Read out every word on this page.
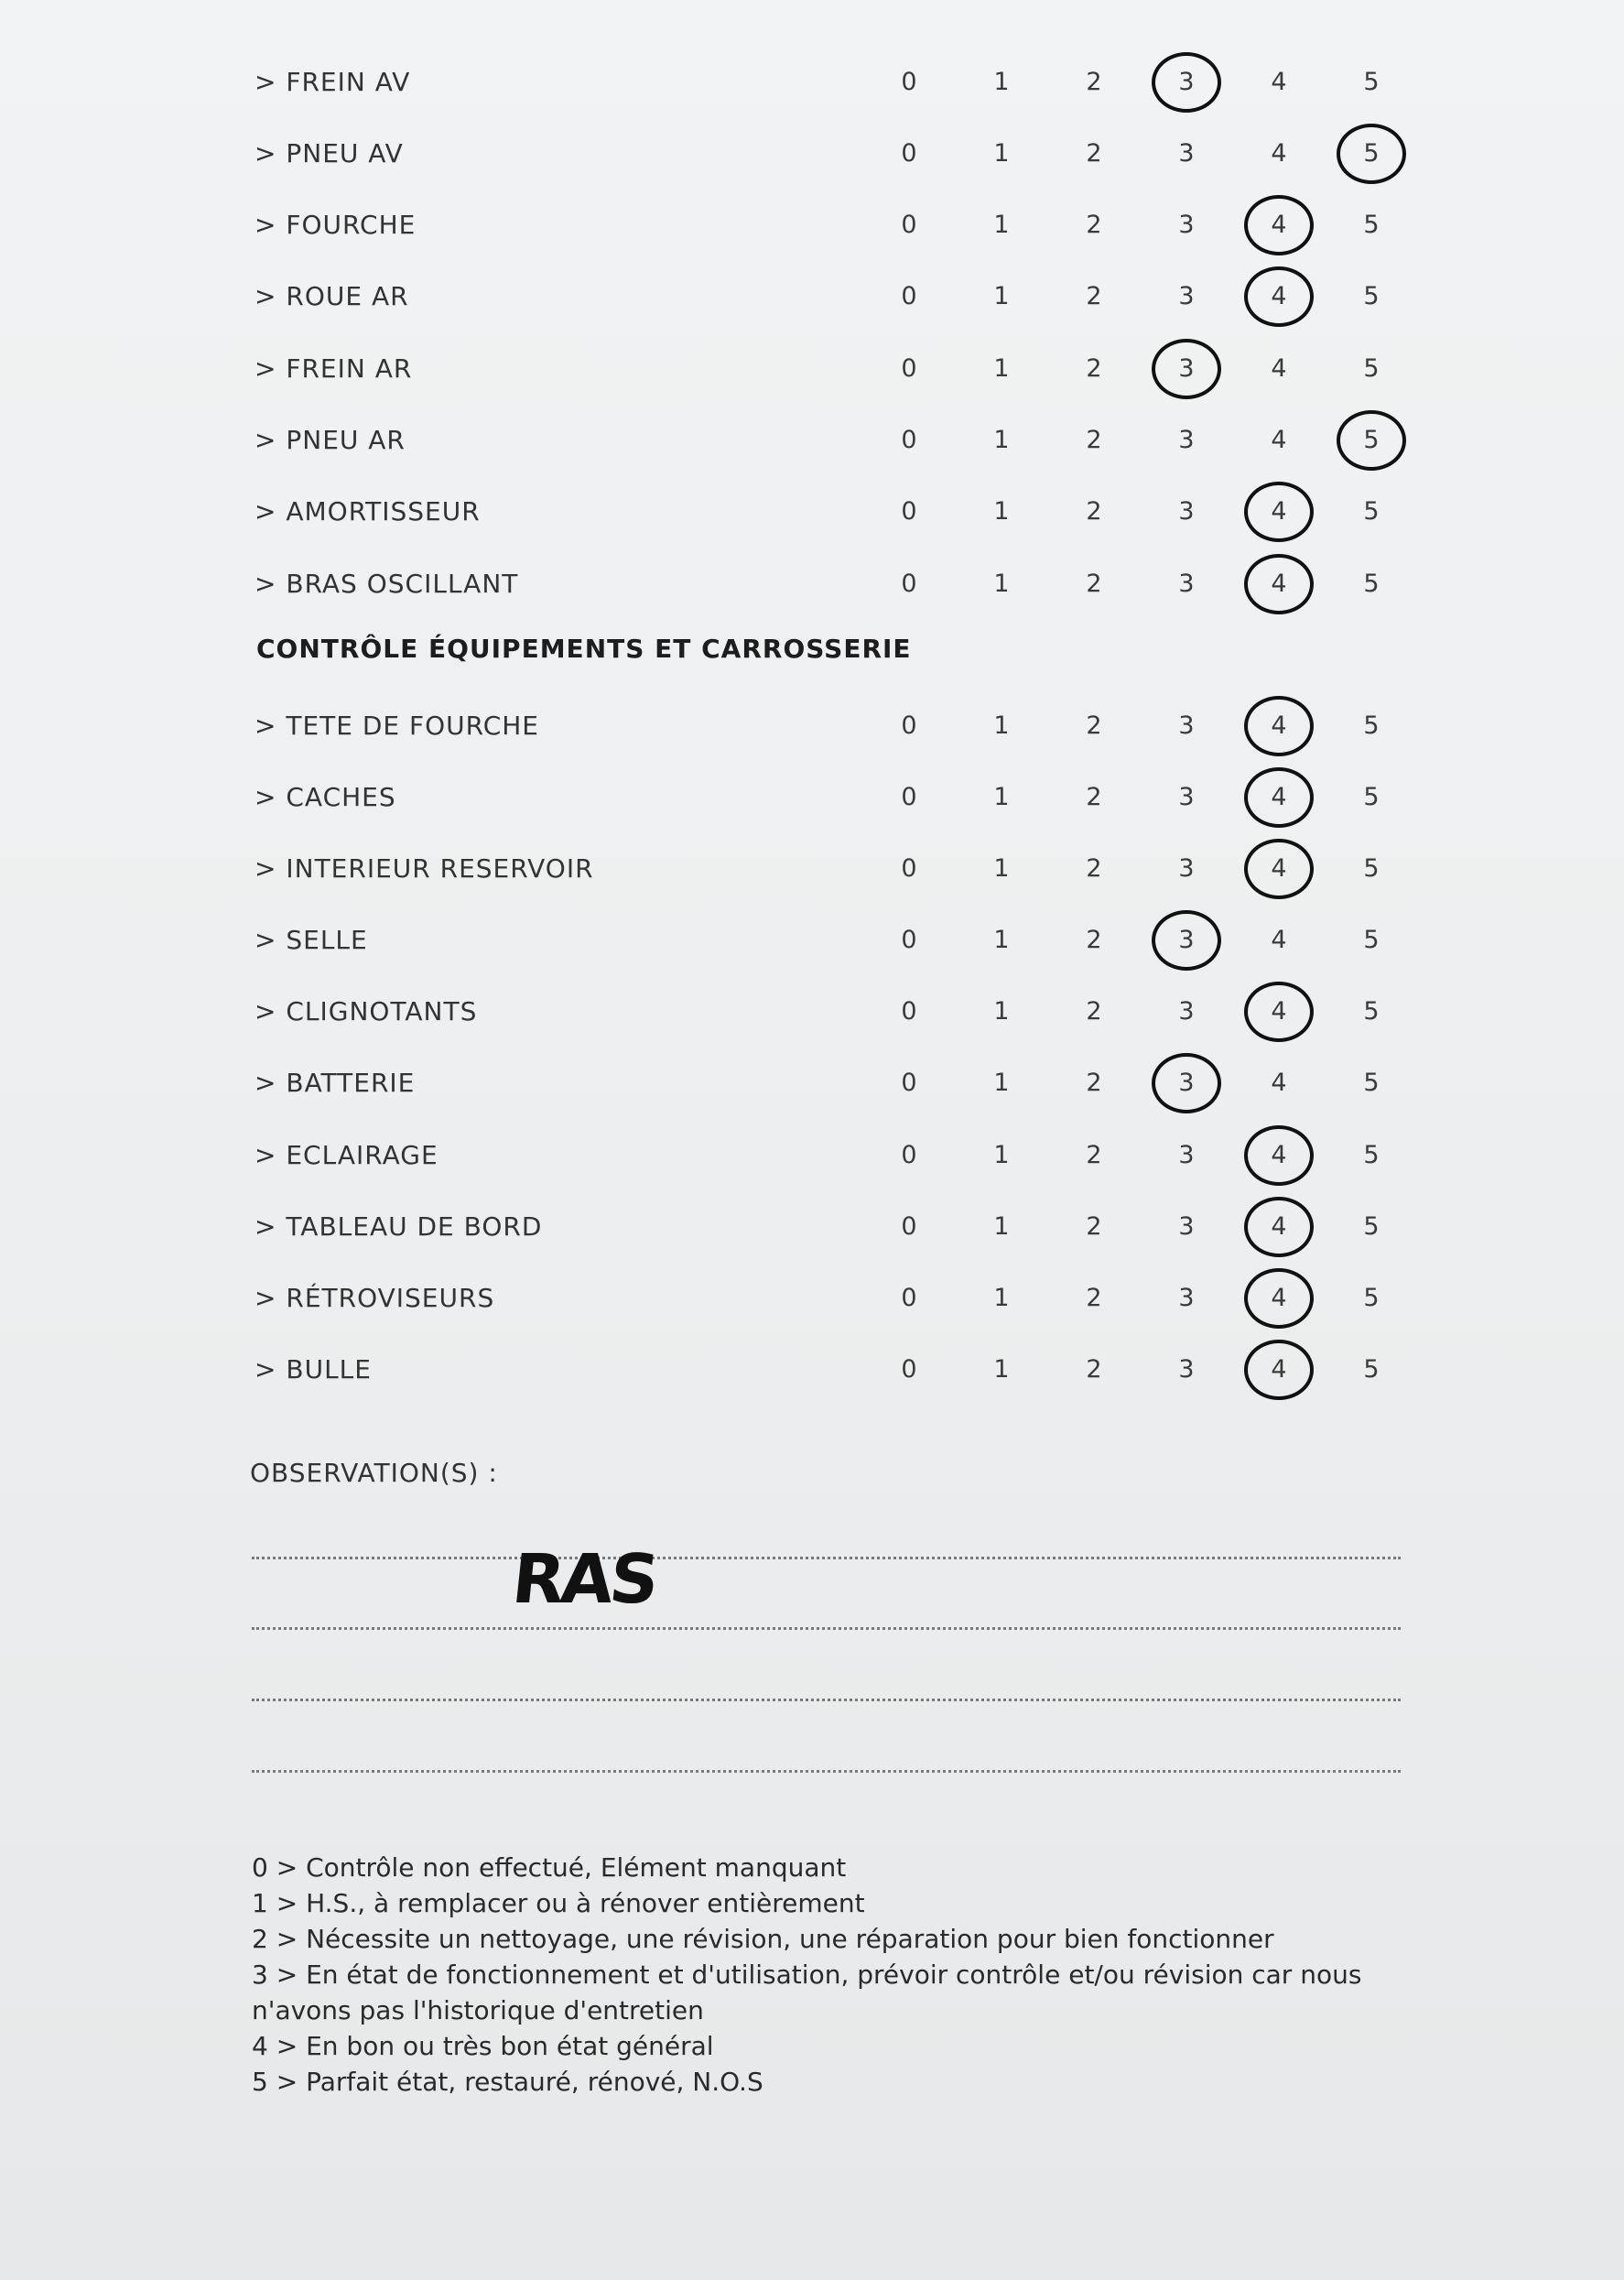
> FREIN AV	0	1	2	3	4	5
> PNEU AV	0	1	2	3	4	5
> FOURCHE	0	1	2	3	4	5
> ROUE AR	0	1	2	3	4	5
> FREIN AR	0	1	2	3	4	5
> PNEU AR	0	1	2	3	4	5
> AMORTISSEUR	0	1	2	3	4	5
> BRAS OSCILLANT	0	1	2	3	4	5
CONTRÔLE ÉQUIPEMENTS ET CARROSSERIE
> TETE DE FOURCHE	0	1	2	3	4	5
> CACHES	0	1	2	3	4	5
> INTERIEUR RESERVOIR	0	1	2	3	4	5
> SELLE	0	1	2	3	4	5
> CLIGNOTANTS	0	1	2	3	4	5
> BATTERIE	0	1	2	3	4	5
> ECLAIRAGE	0	1	2	3	4	5
> TABLEAU DE BORD	0	1	2	3	4	5
> RÉTROVISEURS	0	1	2	3	4	5
> BULLE	0	1	2	3	4	5
OBSERVATION(S) :
RAS
0 > Contrôle non effectué, Elément manquant
1 > H.S., à remplacer ou à rénover entièrement
2 > Nécessite un nettoyage, une révision, une réparation pour bien fonctionner
3 > En état de fonctionnement et d'utilisation, prévoir contrôle et/ou révision car nous n'avons pas l'historique d'entretien
4 > En bon ou très bon état général
5 > Parfait état, restauré, rénové, N.O.S
